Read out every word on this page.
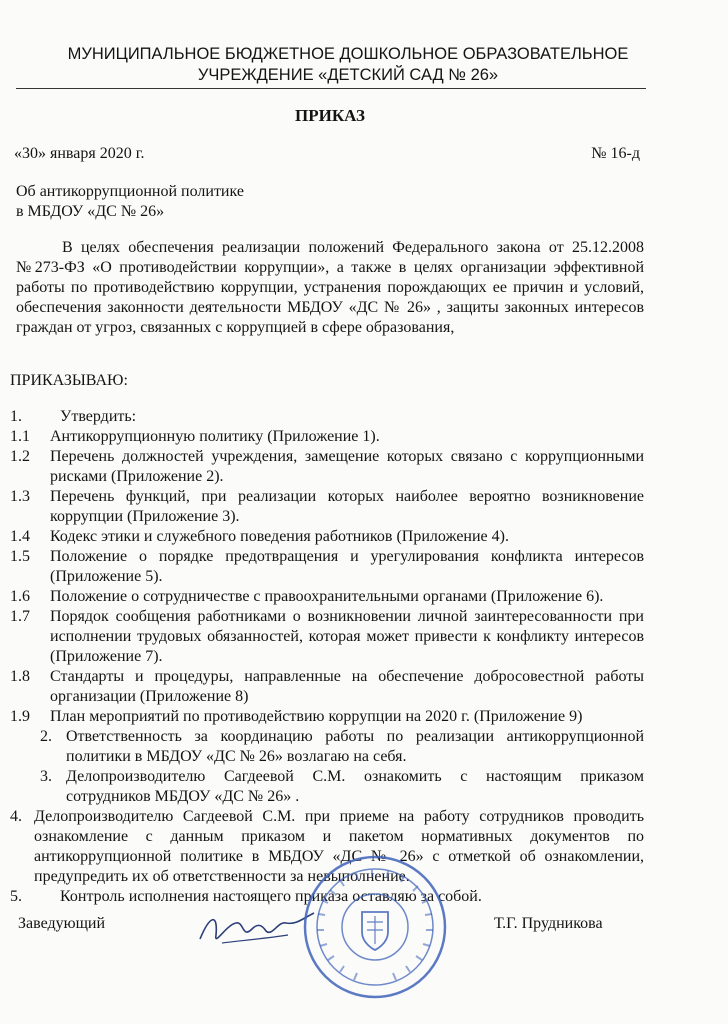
МУНИЦИПАЛЬНОЕ БЮДЖЕТНОЕ ДОШКОЛЬНОЕ ОБРАЗОВАТЕЛЬНОЕ
УЧРЕЖДЕНИЕ «ДЕТСКИЙ САД № 26»
ПРИКАЗ
«30» января 2020 г.	№ 16-д
Об антикоррупционной политике
в МБДОУ «ДС № 26»
В целях обеспечения реализации положений Федерального закона от 25.12.2008 №273-ФЗ «О противодействии коррупции», а также в целях организации эффективной работы по противодействию коррупции, устранения порождающих ее причин и условий, обеспечения законности деятельности МБДОУ «ДС № 26» , защиты законных интересов граждан от угроз, связанных с коррупцией в сфере образования,
ПРИКАЗЫВАЮ:
1. Утвердить:
1.1 Антикоррупционную политику (Приложение 1).
1.2 Перечень должностей учреждения, замещение которых связано с коррупционными рисками (Приложение 2).
1.3 Перечень функций, при реализации которых наиболее вероятно возникновение коррупции (Приложение 3).
1.4 Кодекс этики и служебного поведения работников (Приложение 4).
1.5 Положение о порядке предотвращения и урегулирования конфликта интересов (Приложение 5).
1.6 Положение о сотрудничестве с правоохранительными органами (Приложение 6).
1.7 Порядок сообщения работниками о возникновении личной заинтересованности при исполнении трудовых обязанностей, которая может привести к конфликту интересов (Приложение 7).
1.8 Стандарты и процедуры, направленные на обеспечение добросовестной работы организации (Приложение 8)
1.9 План мероприятий по противодействию коррупции на 2020 г. (Приложение 9)
2. Ответственность за координацию работы по реализации антикоррупционной политики в МБДОУ «ДС № 26» возлагаю на себя.
3. Делопроизводителю Сагдеевой С.М. ознакомить с настоящим приказом сотрудников МБДОУ «ДС № 26» .
4. Делопроизводителю Сагдеевой С.М. при приеме на работу сотрудников проводить ознакомление с данным приказом и пакетом нормативных документов по антикоррупционной политике в МБДОУ «ДС № 26» с отметкой об ознакомлении, предупредить их об ответственности за невыполнение.
5. Контроль исполнения настоящего приказа оставляю за собой.
Заведующий	Т.Г. Прудникова
